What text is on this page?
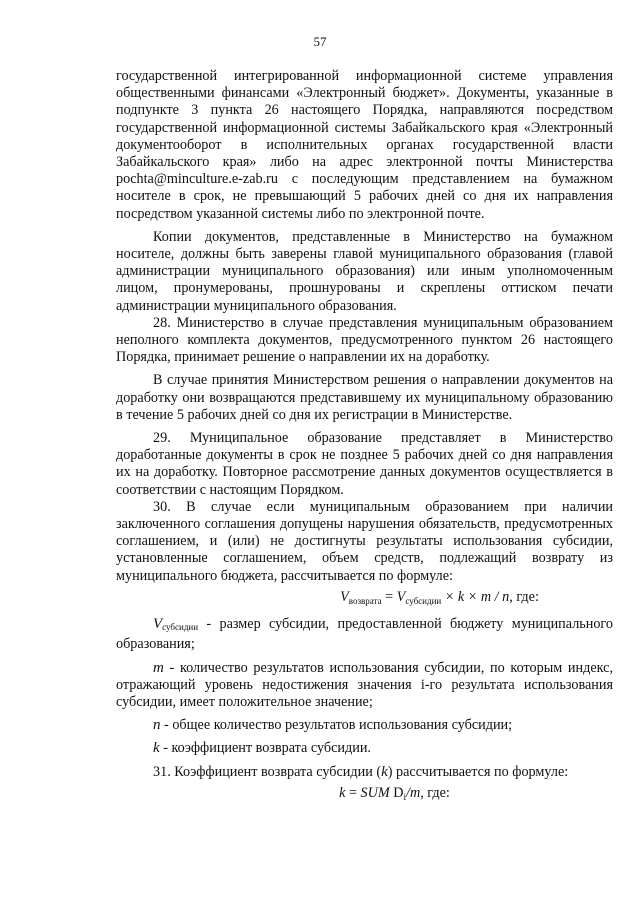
57

государственной интегрированной информационной системе управления общественными финансами «Электронный бюджет». Документы, указанные в подпункте 3 пункта 26 настоящего Порядка, направляются посредством государственной информационной системы Забайкальского края «Электронный документооборот в исполнительных органах государственной власти Забайкальского края» либо на адрес электронной почты Министерства pochta@minculture.e-zab.ru с последующим представлением на бумажном носителе в срок, не превышающий 5 рабочих дней со дня их направления посредством указанной системы либо по электронной почте.

Копии документов, представленные в Министерство на бумажном носителе, должны быть заверены главой муниципального образования (главой администрации муниципального образования) или иным уполномоченным лицом, пронумерованы, прошнурованы и скреплены оттиском печати администрации муниципального образования.

28. Министерство в случае представления муниципальным образованием неполного комплекта документов, предусмотренного пунктом 26 настоящего Порядка, принимает решение о направлении их на доработку.

В случае принятия Министерством решения о направлении документов на доработку они возвращаются представившему их муниципальному образованию в течение 5 рабочих дней со дня их регистрации в Министерстве.

29. Муниципальное образование представляет в Министерство доработанные документы в срок не позднее 5 рабочих дней со дня направления их на доработку. Повторное рассмотрение данных документов осуществляется в соответствии с настоящим Порядком.

30. В случае если муниципальным образованием при наличии заключенного соглашения допущены нарушения обязательств, предусмотренных соглашением, и (или) не достигнуты результаты использования субсидии, установленные соглашением, объем средств, подлежащий возврату из муниципального бюджета, рассчитывается по формуле:

$V_{возврата} = V_{субсидии} \times k \times m / n$, где:

Vсубсидии - размер субсидии, предоставленной бюджету муниципального образования;

m - количество результатов использования субсидии, по которым индекс, отражающий уровень недостижения значения i-го результата использования субсидии, имеет положительное значение;

n - общее количество результатов использования субсидии;

k - коэффициент возврата субсидии.

31. Коэффициент возврата субсидии (k) рассчитывается по формуле:

k = SUM $D_i/m$, где:
